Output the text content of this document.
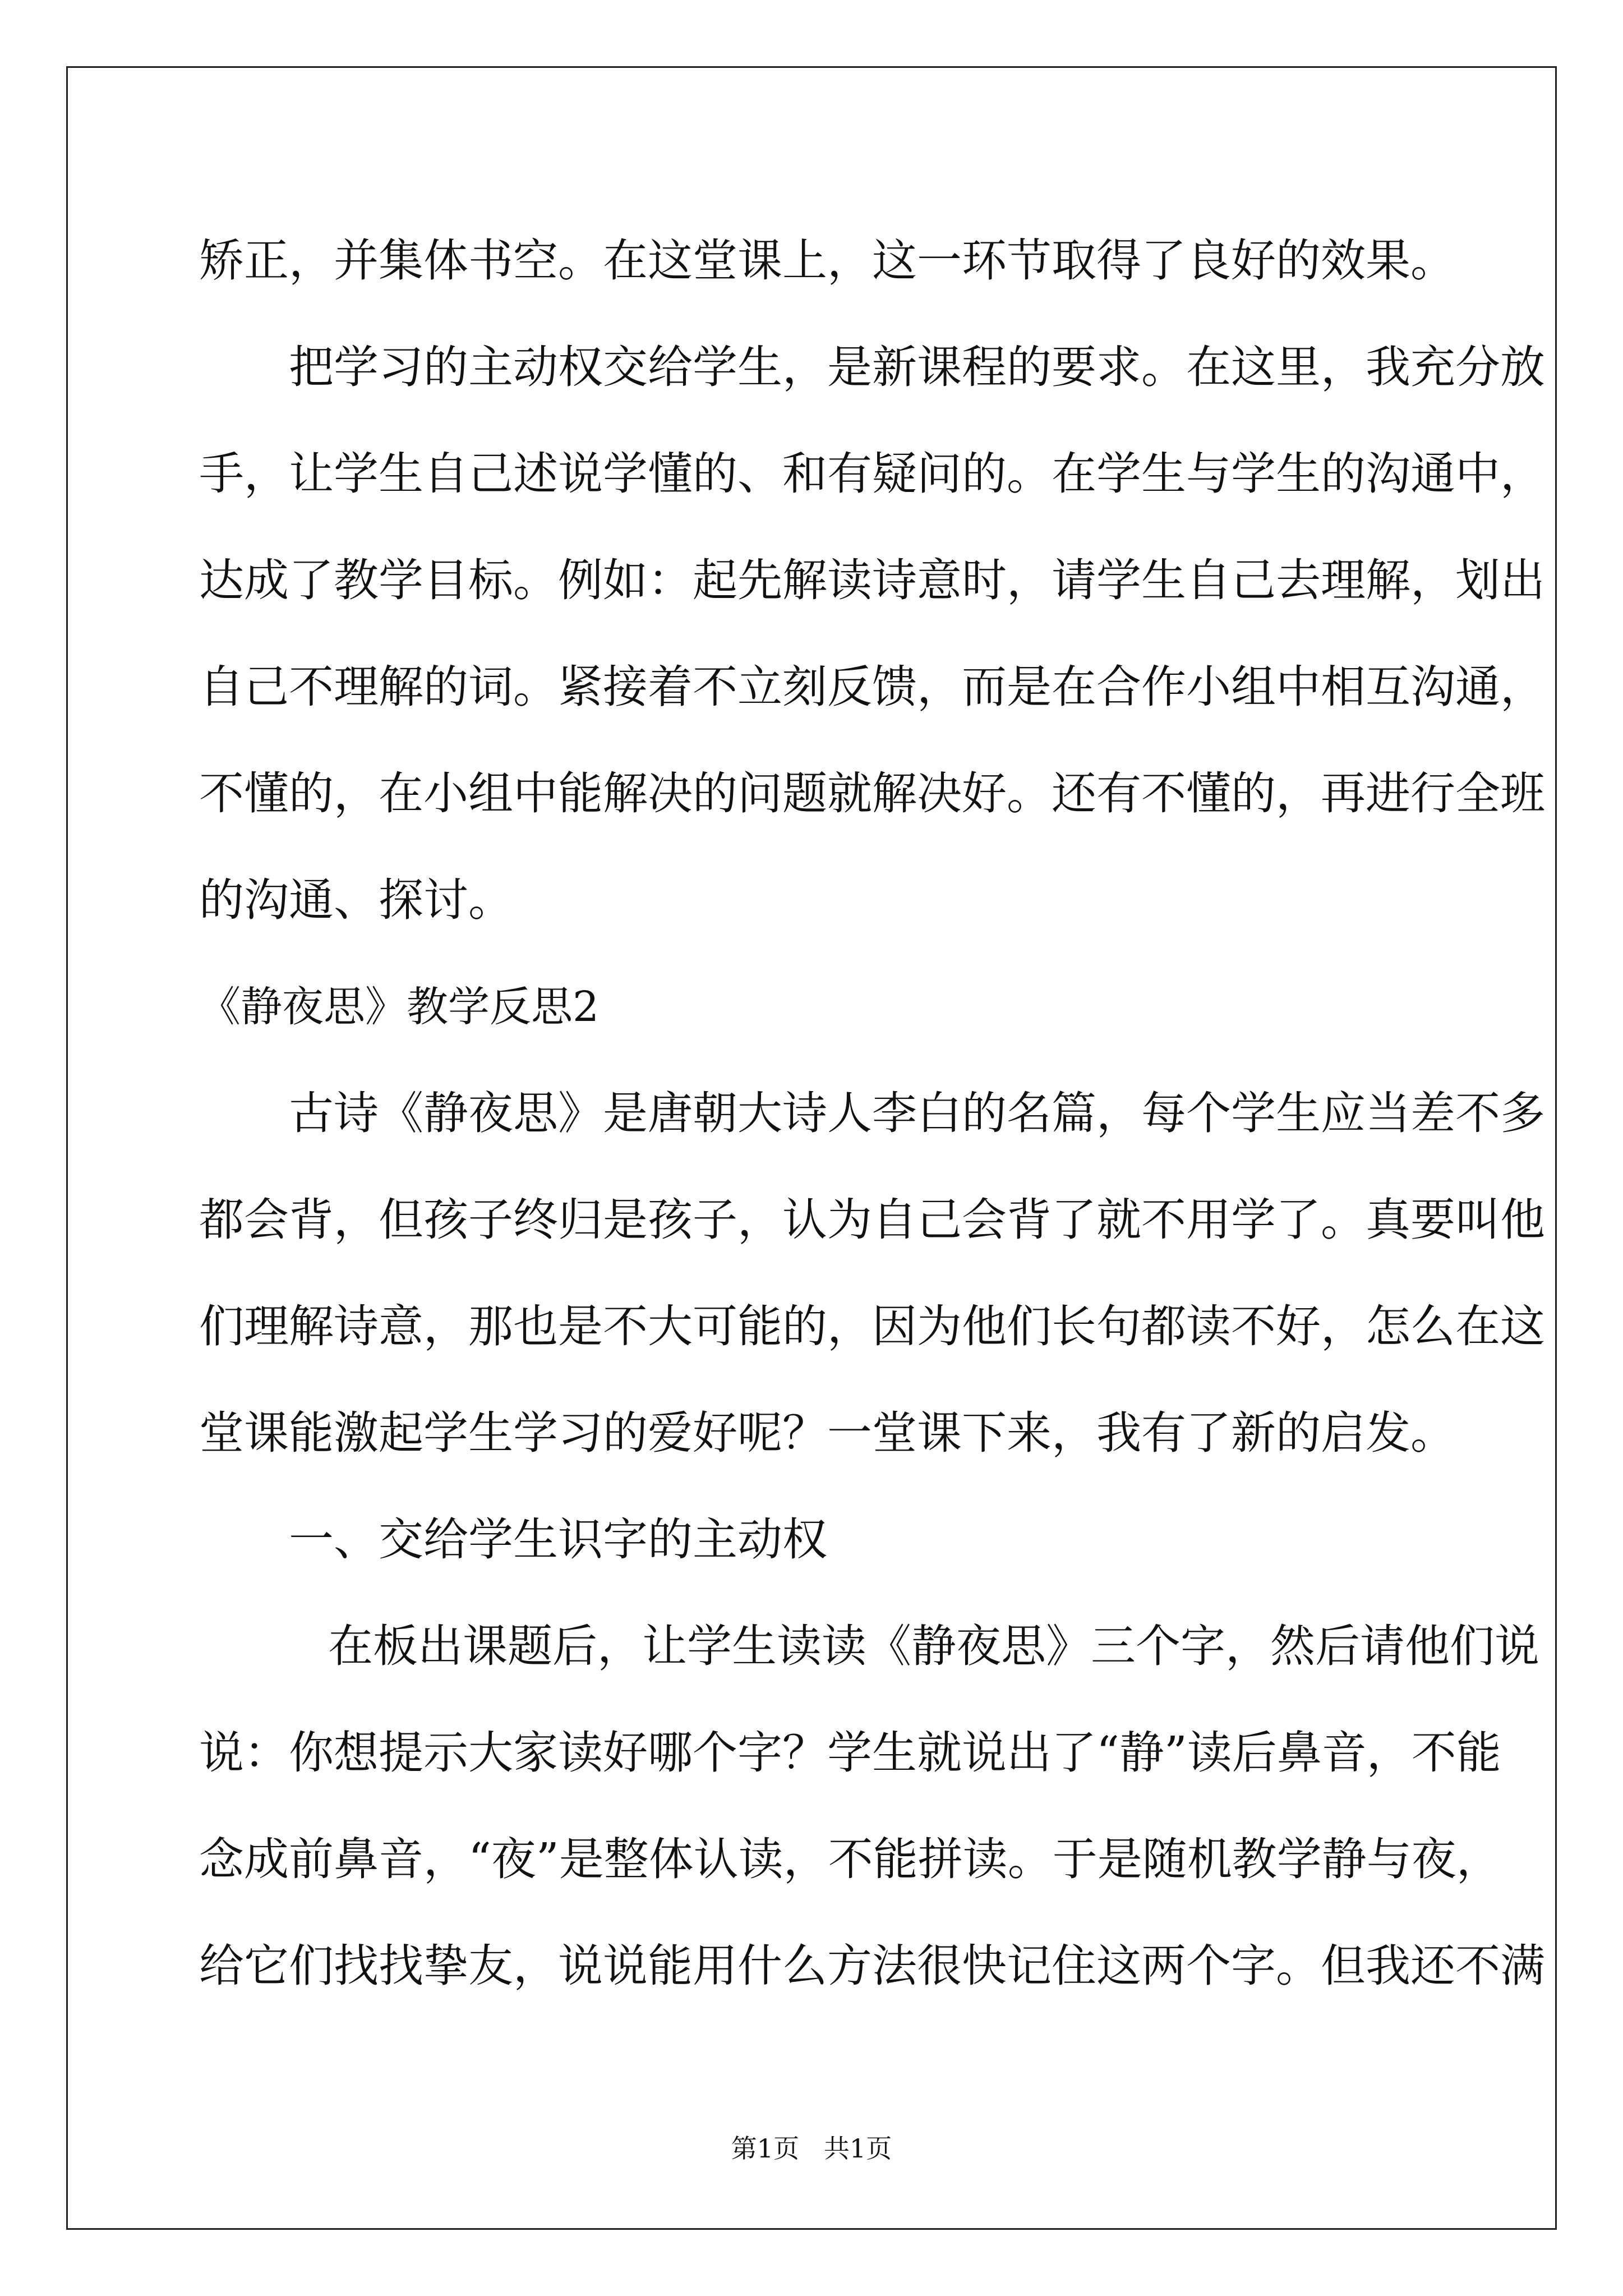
矫正，并集体书空。在这堂课上，这一环节取得了良好的效果。
把学习的主动权交给学生，是新课程的要求。在这里，我充分放
手，让学生自己述说学懂的、和有疑问的。在学生与学生的沟通中，
达成了教学目标。例如：起先解读诗意时，请学生自己去理解，划出
自己不理解的词。紧接着不立刻反馈，而是在合作小组中相互沟通，
不懂的，在小组中能解决的问题就解决好。还有不懂的，再进行全班
的沟通、探讨。
《静夜思》教学反思2
古诗《静夜思》是唐朝大诗人李白的名篇，每个学生应当差不多
都会背，但孩子终归是孩子，认为自己会背了就不用学了。真要叫他
们理解诗意，那也是不大可能的，因为他们长句都读不好，怎么在这
堂课能激起学生学习的爱好呢？一堂课下来，我有了新的启发。
一、交给学生识字的主动权
在板出课题后，让学生读读《静夜思》三个字，然后请他们说
说：你想提示大家读好哪个字？学生就说出了“静”读后鼻音，不能
念成前鼻音，“夜”是整体认读，不能拼读。于是随机教学静与夜，
给它们找找挚友，说说能用什么方法很快记住这两个字。但我还不满
第1页   共1页
